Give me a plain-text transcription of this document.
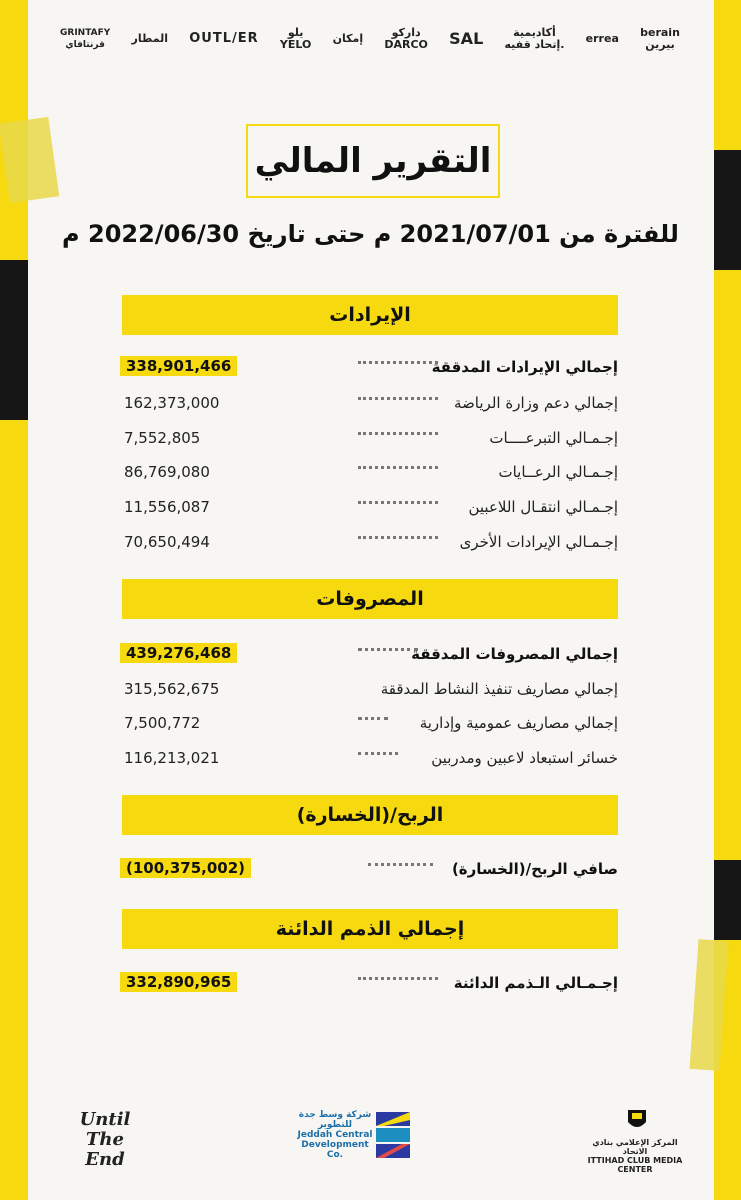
berain
بيرين
errea
أكاديمية
إتحاد ﻗﻔﻴﻪ.
SAL
داركو
DARCO
إمكان
يلو
YELO
OUTL/ER
المطار
GRINTAFY
قرنتافاي
التقرير المالي
للفترة من 2021/07/01 م حتى تاريخ 2022/06/30 م
الإيرادات
إجمالي الإيرادات المدققة
338,901,466
إجمالي دعم وزارة الرياضة
162,373,000
إجـمـالي التبرعــــات
7,552,805
إجـمـالي الرعــايات
86,769,080
إجـمـالي انتقـال اللاعبين
11,556,087
إجـمـالي الإيرادات الأخرى
70,650,494
المصروفات
إجمالي المصروفات المدققة
439,276,468
إجمالي مصاريف تنفيذ النشاط المدققة
315,562,675
إجمالي مصاريف عمومية وإدارية
7,500,772
خسائر استبعاد لاعبين ومدربين
116,213,021
الربح/(الخسارة)
صافي الربح/(الخسارة)
(100,375,002)
إجمالي الذمم الدائنة
إجـمـالي الـذمم الدائنة
332,890,965
Until The End
شركة وسط جدة للتطوير
Jeddah Central Development Co.
المركز الإعلامي بنادي الاتحاد
ITTIHAD CLUB MEDIA CENTER
